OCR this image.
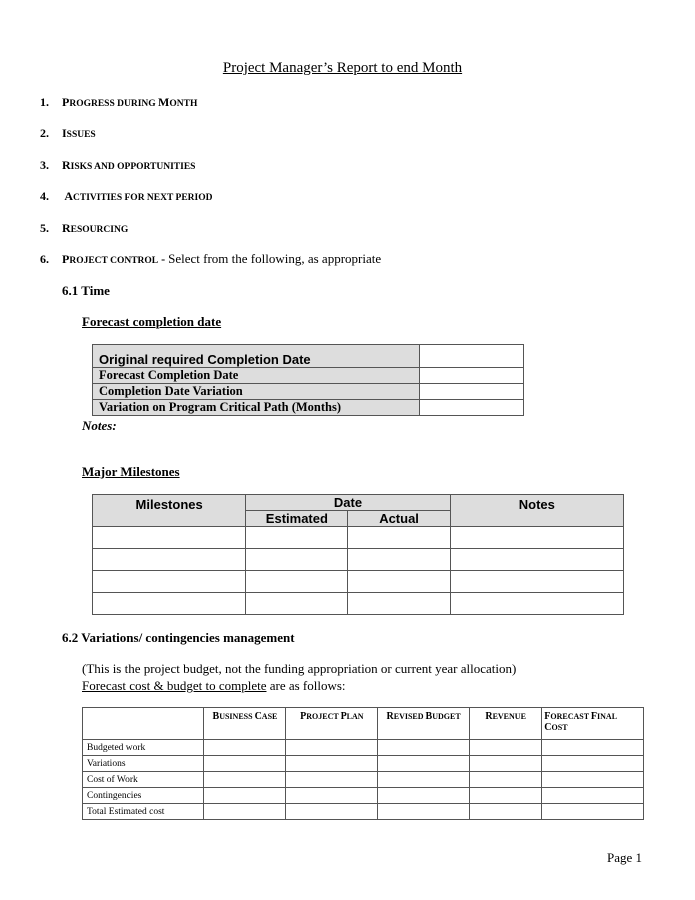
Project Manager’s Report to end Month
1. PROGRESS DURING MONTH
2. ISSUES
3. RISKS AND OPPORTUNITIES
4. ACTIVITIES FOR NEXT PERIOD
5. RESOURCING
6. PROJECT CONTROL - Select from the following, as appropriate
6.1 Time
Forecast completion date
Original required Completion Date	
Forecast Completion Date	
Completion Date Variation	
Variation on Program Critical Path (Months)	
Notes:
Major Milestones
Milestones	Date		Notes
	Estimated	Actual	

6.2 Variations/ contingencies management
(This is the project budget, not the funding appropriation or current year allocation)
Forecast cost & budget to complete are as follows:
	BUSINESS CASE	PROJECT PLAN	REVISED BUDGET	REVENUE	FORECAST FINAL COST
Budgeted work					
Variations					
Cost of Work					
Contingencies					
Total Estimated cost					
Page 1
